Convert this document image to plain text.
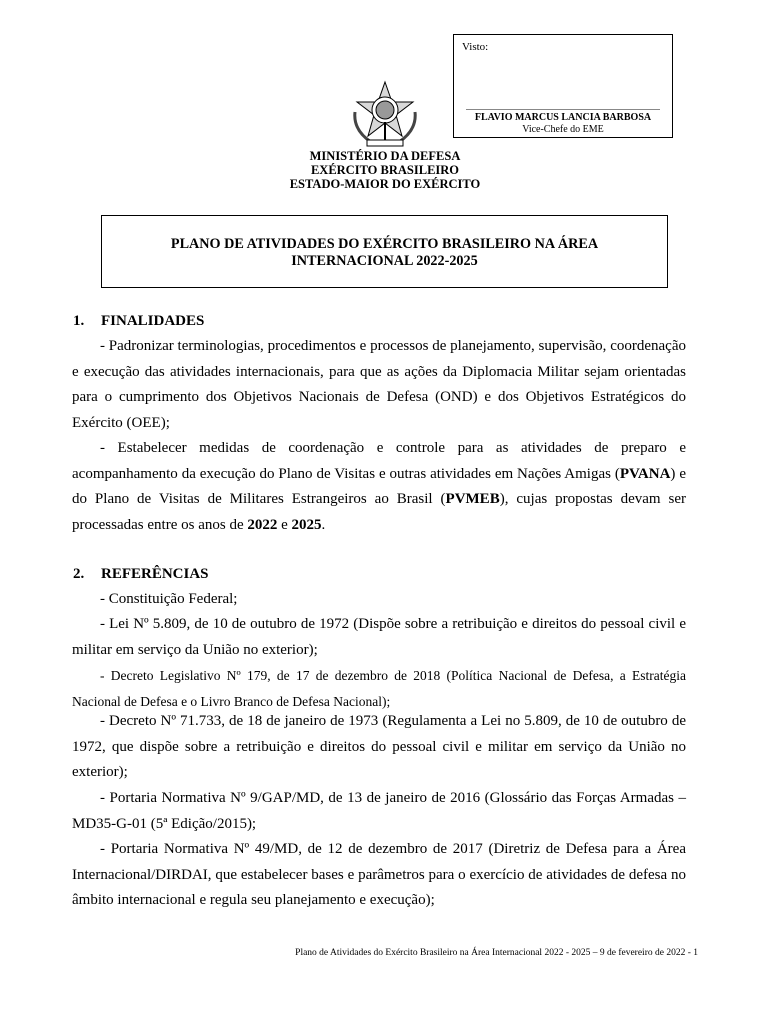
Visto:
FLAVIO MARCUS LANCIA BARBOSA
Vice-Chefe do EME
MINISTÉRIO DA DEFESA
EXÉRCITO BRASILEIRO
ESTADO-MAIOR DO EXÉRCITO
PLANO DE ATIVIDADES DO EXÉRCITO BRASILEIRO NA ÁREA
INTERNACIONAL 2022-2025
1. FINALIDADES
- Padronizar terminologias, procedimentos e processos de planejamento, supervisão, coordenação e execução das atividades internacionais, para que as ações da Diplomacia Militar sejam orientadas para o cumprimento dos Objetivos Nacionais de Defesa (OND) e dos Objetivos Estratégicos do Exército (OEE);
- Estabelecer medidas de coordenação e controle para as atividades de preparo e acompanhamento da execução do Plano de Visitas e outras atividades em Nações Amigas (PVANA) e do Plano de Visitas de Militares Estrangeiros ao Brasil (PVMEB), cujas propostas devam ser processadas entre os anos de 2022 e 2025.
2. REFERÊNCIAS
- Constituição Federal;
- Lei Nº 5.809, de 10 de outubro de 1972 (Dispõe sobre a retribuição e direitos do pessoal civil e militar em serviço da União no exterior);
- Decreto Legislativo Nº 179, de 17 de dezembro de 2018 (Política Nacional de Defesa, a Estratégia Nacional de Defesa e o Livro Branco de Defesa Nacional);
- Decreto Nº 71.733, de 18 de janeiro de 1973 (Regulamenta a Lei no 5.809, de 10 de outubro de 1972, que dispõe sobre a retribuição e direitos do pessoal civil e militar em serviço da União no exterior);
- Portaria Normativa Nº 9/GAP/MD, de 13 de janeiro de 2016 (Glossário das Forças Armadas – MD35-G-01 (5ª Edição/2015);
- Portaria Normativa Nº 49/MD, de 12 de dezembro de 2017 (Diretriz de Defesa para a Área Internacional/DIRDAI, que estabelecer bases e parâmetros para o exercício de atividades de defesa no âmbito internacional e regula seu planejamento e execução);
Plano de Atividades do Exército Brasileiro na Área Internacional 2022 - 2025 – 9 de fevereiro de 2022 - 1
